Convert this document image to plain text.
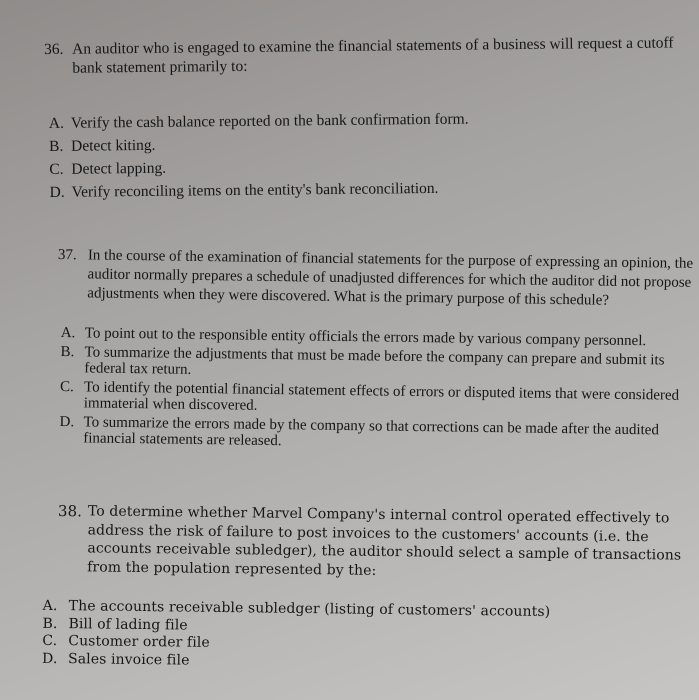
36. An auditor who is engaged to examine the financial statements of a business will request a cutoff bank statement primarily to:
A. Verify the cash balance reported on the bank confirmation form.
B. Detect kiting.
C. Detect lapping.
D. Verify reconciling items on the entity's bank reconciliation.
37. In the course of the examination of financial statements for the purpose of expressing an opinion, the auditor normally prepares a schedule of unadjusted differences for which the auditor did not propose adjustments when they were discovered. What is the primary purpose of this schedule?
A. To point out to the responsible entity officials the errors made by various company personnel.
B. To summarize the adjustments that must be made before the company can prepare and submit its federal tax return.
C. To identify the potential financial statement effects of errors or disputed items that were considered immaterial when discovered.
D. To summarize the errors made by the company so that corrections can be made after the audited financial statements are released.
38. To determine whether Marvel Company's internal control operated effectively to address the risk of failure to post invoices to the customers' accounts (i.e. the accounts receivable subledger), the auditor should select a sample of transactions from the population represented by the:
A. The accounts receivable subledger (listing of customers' accounts)
B. Bill of lading file
C. Customer order file
D. Sales invoice file
